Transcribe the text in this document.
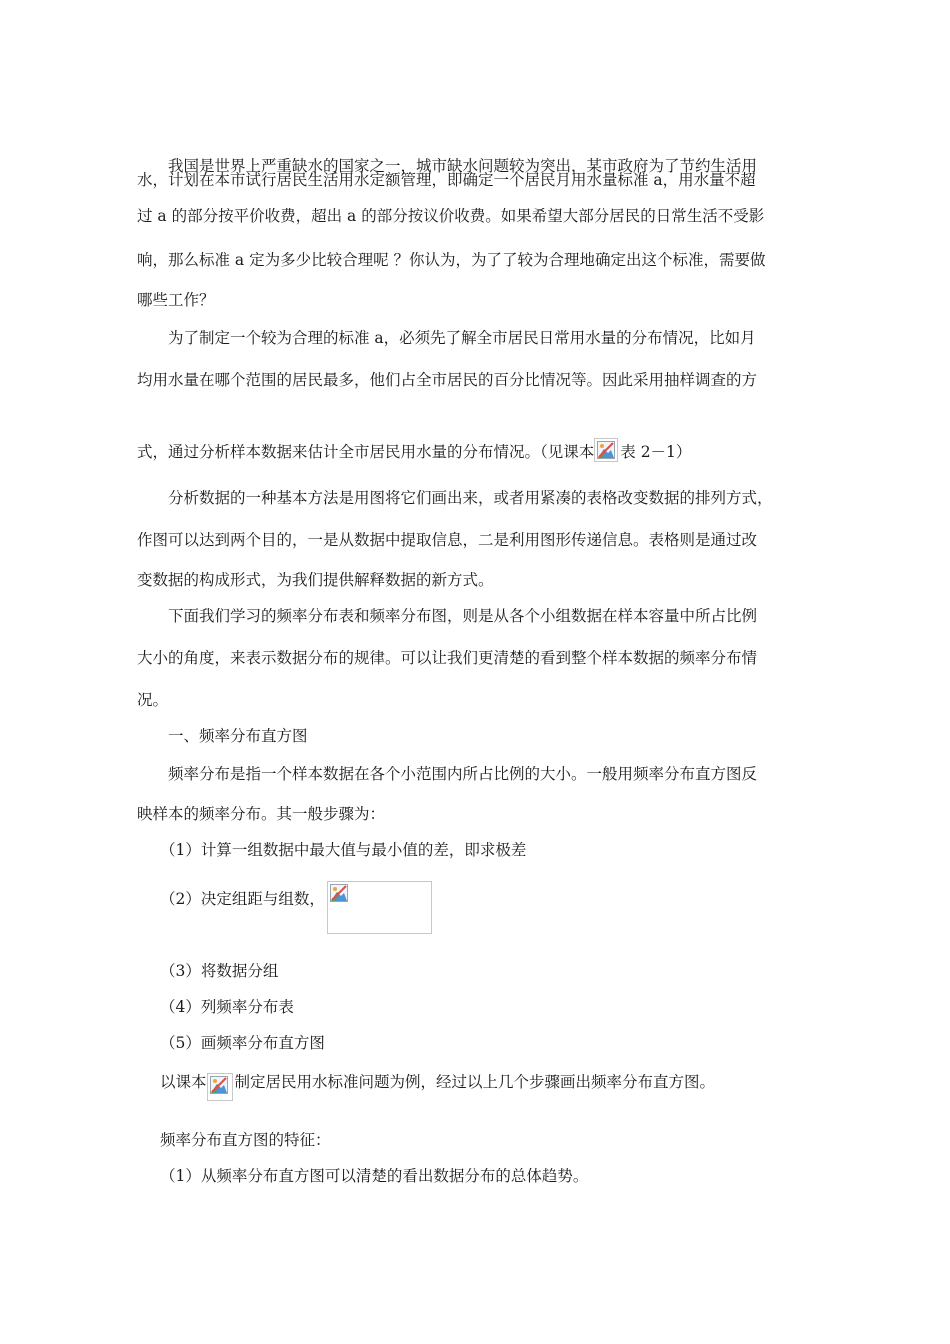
我国是世界上严重缺水的国家之一，城市缺水问题较为突出，某市政府为了节约生活用
水，计划在本市试行居民生活用水定额管理，即确定一个居民月用水量标准 a，用水量不超
过 a 的部分按平价收费，超出 a 的部分按议价收费。如果希望大部分居民的日常生活不受影
响，那么标准 a 定为多少比较合理呢 ？你认为，为了了较为合理地确定出这个标准，需要做
哪些工作？
为了制定一个较为合理的标准 a，必须先了解全市居民日常用水量的分布情况，比如月
均用水量在哪个范围的居民最多，他们占全市居民的百分比情况等。因此采用抽样调查的方
式，通过分析样本数据来估计全市居民用水量的分布情况。（见课本 表 2－1）
分析数据的一种基本方法是用图将它们画出来，或者用紧凑的表格改变数据的排列方式，
作图可以达到两个目的，一是从数据中提取信息，二是利用图形传递信息。表格则是通过改
变数据的构成形式，为我们提供解释数据的新方式。
下面我们学习的频率分布表和频率分布图，则是从各个小组数据在样本容量中所占比例
大小的角度，来表示数据分布的规律。可以让我们更清楚的看到整个样本数据的频率分布情
况。
一、频率分布直方图
频率分布是指一个样本数据在各个小范围内所占比例的大小。一般用频率分布直方图反
映样本的频率分布。其一般步骤为：
（1）计算一组数据中最大值与最小值的差，即求极差
（2）决定组距与组数，
（3）将数据分组
（4）列频率分布表
（5）画频率分布直方图
以课本 制定居民用水标准问题为例，经过以上几个步骤画出频率分布直方图。
频率分布直方图的特征：
（1）从频率分布直方图可以清楚的看出数据分布的总体趋势。
